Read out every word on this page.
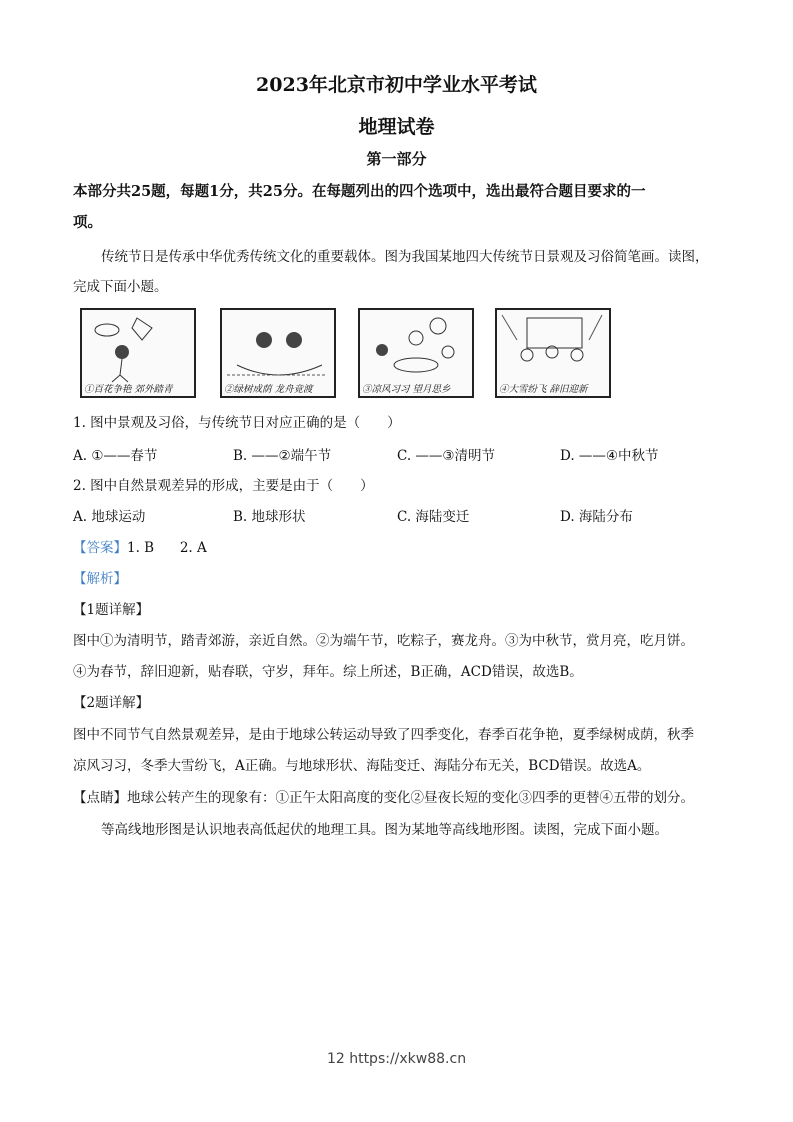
2023年北京市初中学业水平考试
地理试卷
第一部分
本部分共25题，每题1分，共25分。在每题列出的四个选项中，选出最符合题目要求的一
项。
传统节日是传承中华优秀传统文化的重要载体。图为我国某地四大传统节日景观及习俗简笔画。读图，
完成下面小题。
①百花争艳 郊外踏青	②绿树成荫 龙舟竞渡	③凉风习习 望月思乡	④大雪纷飞 辞旧迎新
1. 图中景观及习俗，与传统节日对应正确的是（　　）
A. ①——春节	B. ——②端午节	C. ——③清明节	D. ——④中秋节
2. 图中自然景观差异的形成，主要是由于（　　）
A. 地球运动	B. 地球形状	C. 海陆变迁	D. 海陆分布
【答案】1. B      2. A
【解析】
【1题详解】
图中①为清明节，踏青郊游，亲近自然。②为端午节，吃粽子，赛龙舟。③为中秋节，赏月亮，吃月饼。
④为春节，辞旧迎新，贴春联，守岁，拜年。综上所述，B正确，ACD错误，故选B。
【2题详解】
图中不同节气自然景观差异，是由于地球公转运动导致了四季变化，春季百花争艳，夏季绿树成荫，秋季
凉风习习，冬季大雪纷飞，A正确。与地球形状、海陆变迁、海陆分布无关，BCD错误。故选A。
【点睛】地球公转产生的现象有：①正午太阳高度的变化②昼夜长短的变化③四季的更替④五带的划分。
等高线地形图是认识地表高低起伏的地理工具。图为某地等高线地形图。读图，完成下面小题。
12 https://xkw88.cn
